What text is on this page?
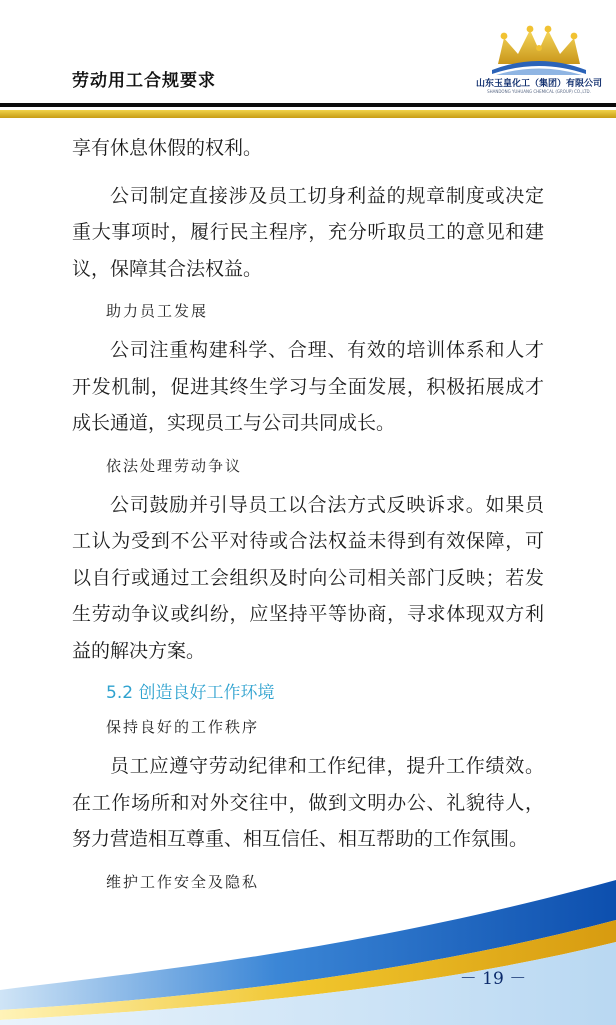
劳动用工合规要求	山东玉皇化工（集团）有限公司
SHANDONG YUHUANG CHEMICAL (GROUP) CO.,LTD.

享有休息休假的权利。

公司制定直接涉及员工切身利益的规章制度或决定重大事项时，履行民主程序，充分听取员工的意见和建议，保障其合法权益。

助力员工发展

公司注重构建科学、合理、有效的培训体系和人才开发机制，促进其终生学习与全面发展，积极拓展成才成长通道，实现员工与公司共同成长。

依法处理劳动争议

公司鼓励并引导员工以合法方式反映诉求。如果员工认为受到不公平对待或合法权益未得到有效保障，可以自行或通过工会组织及时向公司相关部门反映；若发生劳动争议或纠纷，应坚持平等协商，寻求体现双方利益的解决方案。

5.2 创造良好工作环境
保持良好的工作秩序

员工应遵守劳动纪律和工作纪律，提升工作绩效。在工作场所和对外交往中，做到文明办公、礼貌待人，努力营造相互尊重、相互信任、相互帮助的工作氛围。

维护工作安全及隐私
－ 19 －
